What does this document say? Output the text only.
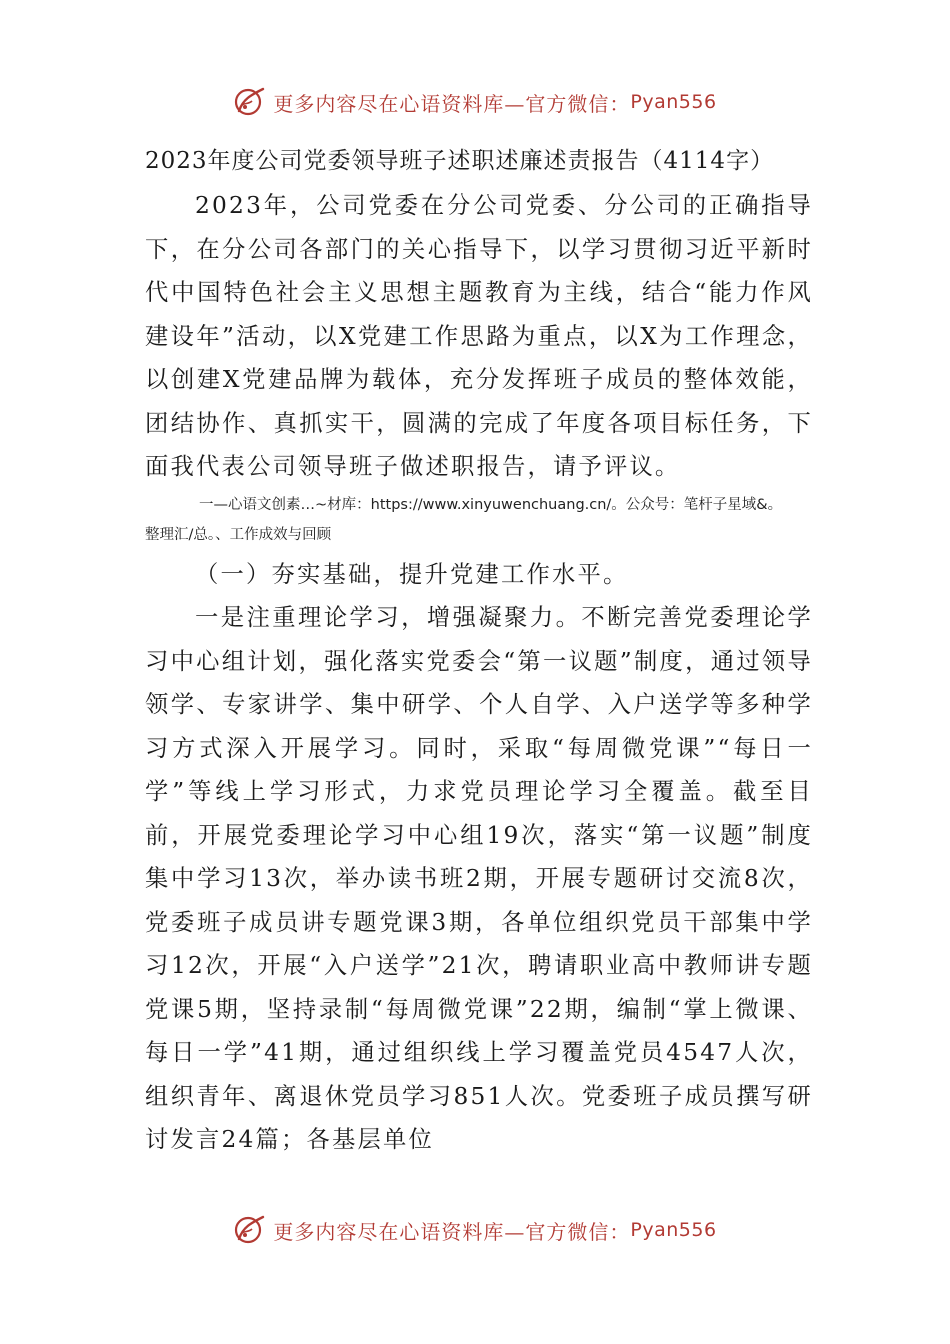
更多内容尽在心语资料库—官方微信： Pyan556
2023年度公司党委领导班子述职述廉述责报告（4114字）

2023年，公司党委在分公司党委、分公司的正确指导下，在分公司各部门的关心指导下，以学习贯彻习近平新时代中国特色社会主义思想主题教育为主线，结合“能力作风建设年”活动，以X党建工作思路为重点，以X为工作理念，以创建X党建品牌为载体，充分发挥班子成员的整体效能，团结协作、真抓实干，圆满的完成了年度各项目标任务，下面我代表公司领导班子做述职报告，请予评议。

一—心语文创素…~材库：https://www.xinyuwenchuang.cn/。公众号：笔杆子星域&。
整理汇/总。、工作成效与回顾
（一）夯实基础，提升党建工作水平。

一是注重理论学习，增强凝聚力。不断完善党委理论学习中心组计划，强化落实党委会“第一议题”制度，通过领导领学、专家讲学、集中研学、个人自学、入户送学等多种学习方式深入开展学习。同时，采取“每周微党课”“每日一学”等线上学习形式，力求党员理论学习全覆盖。截至目前，开展党委理论学习中心组19次，落实“第一议题”制度集中学习13次，举办读书班2期，开展专题研讨交流8次，党委班子成员讲专题党课3期，各单位组织党员干部集中学习12次，开展“入户送学”21次，聘请职业高中教师讲专题党课5期，坚持录制“每周微党课”22期，编制“掌上微课、每日一学”41期，通过组织线上学习覆盖党员4547人次，组织青年、离退休党员学习851人次。党委班子成员撰写研讨发言24篇；各基层单位

更多内容尽在心语资料库—官方微信： Pyan556
